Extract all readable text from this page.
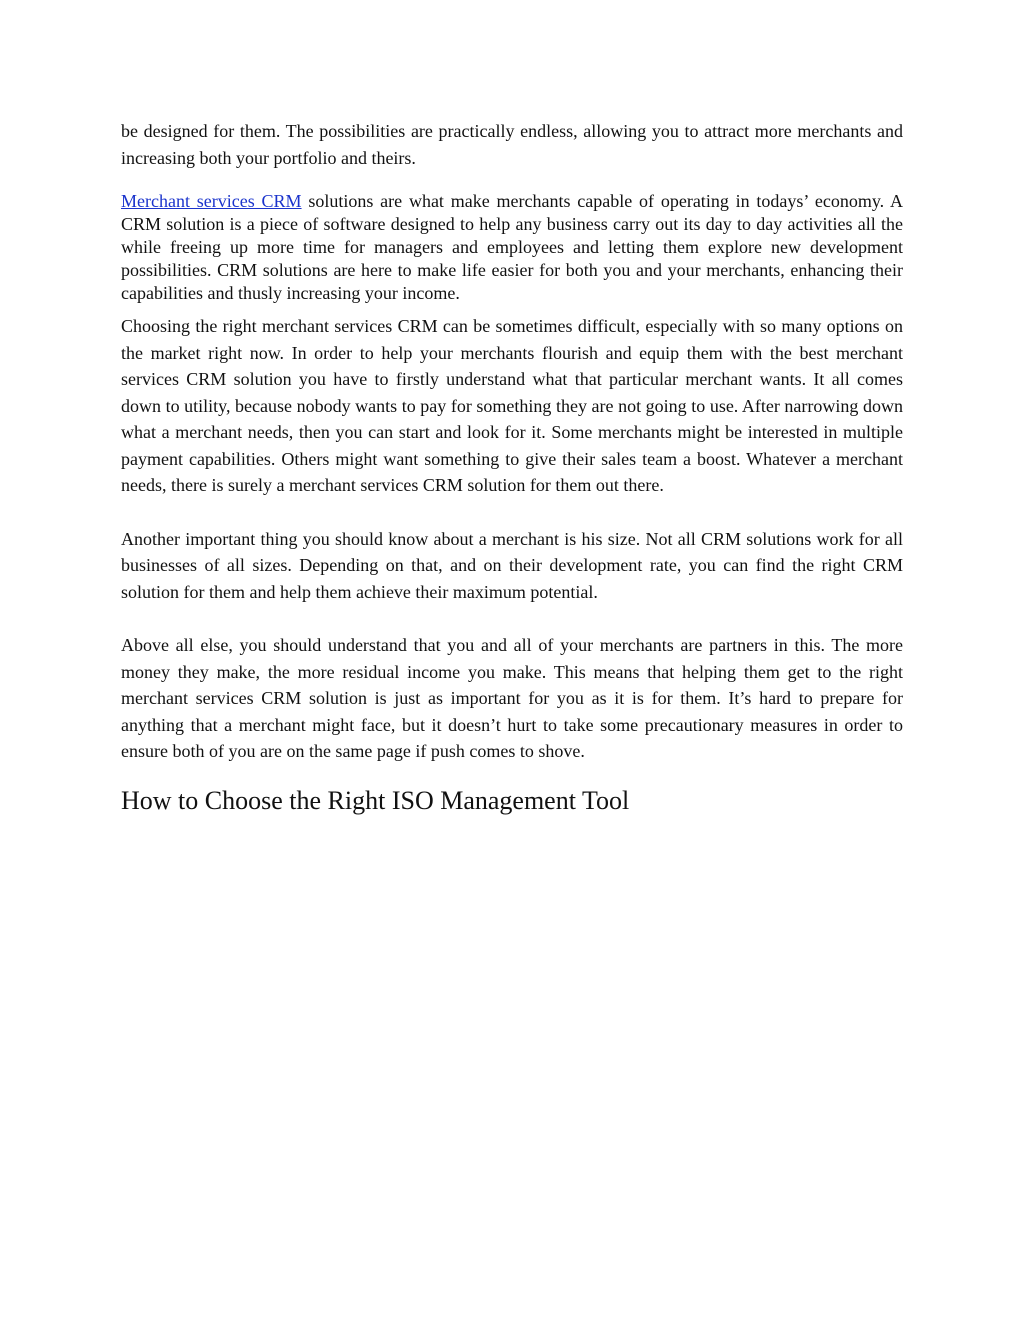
be designed for them. The possibilities are practically endless, allowing you to attract more merchants and increasing both your portfolio and theirs.

Merchant services CRM solutions are what make merchants capable of operating in todays’ economy. A CRM solution is a piece of software designed to help any business carry out its day to day activities all the while freeing up more time for managers and employees and letting them explore new development possibilities. CRM solutions are here to make life easier for both you and your merchants, enhancing their capabilities and thusly increasing your income.

Choosing the right merchant services CRM can be sometimes difficult, especially with so many options on the market right now. In order to help your merchants flourish and equip them with the best merchant services CRM solution you have to firstly understand what that particular merchant wants. It all comes down to utility, because nobody wants to pay for something they are not going to use. After narrowing down what a merchant needs, then you can start and look for it. Some merchants might be interested in multiple payment capabilities. Others might want something to give their sales team a boost. Whatever a merchant needs, there is surely a merchant services CRM solution for them out there.

Another important thing you should know about a merchant is his size. Not all CRM solutions work for all businesses of all sizes. Depending on that, and on their development rate, you can find the right CRM solution for them and help them achieve their maximum potential.

Above all else, you should understand that you and all of your merchants are partners in this. The more money they make, the more residual income you make. This means that helping them get to the right merchant services CRM solution is just as important for you as it is for them. It’s hard to prepare for anything that a merchant might face, but it doesn’t hurt to take some precautionary measures in order to ensure both of you are on the same page if push comes to shove.

How to Choose the Right ISO Management Tool
